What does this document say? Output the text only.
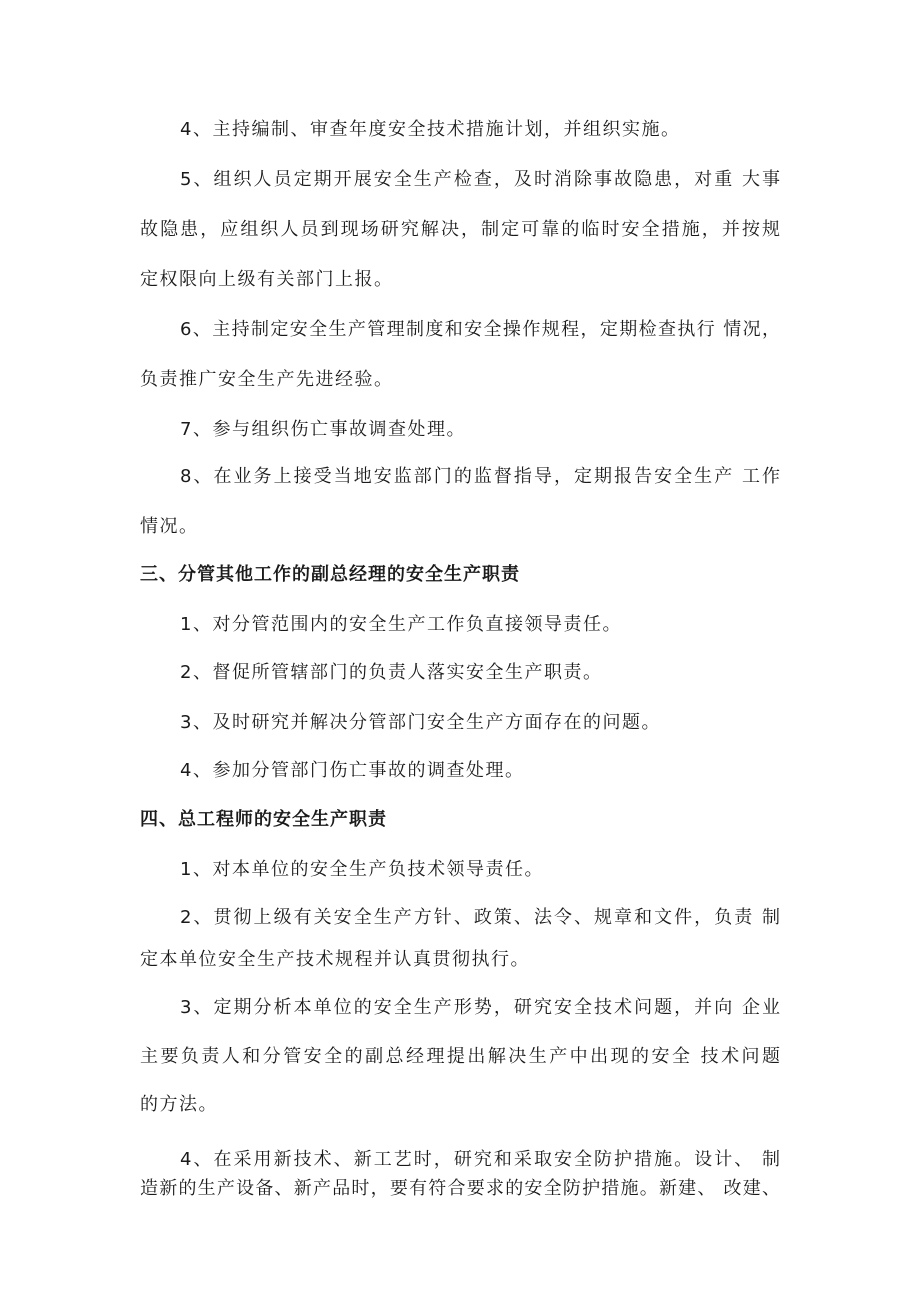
4、主持编制、审查年度安全技术措施计划，并组织实施。
5、组织人员定期开展安全生产检查，及时消除事故隐患，对重 大事
故隐患，应组织人员到现场研究解决，制定可靠的临时安全措施，并按规
定权限向上级有关部门上报。
6、主持制定安全生产管理制度和安全操作规程，定期检查执行 情况，
负责推广安全生产先进经验。
7、参与组织伤亡事故调查处理。
8、在业务上接受当地安监部门的监督指导，定期报告安全生产 工作
情况。
三、分管其他工作的副总经理的安全生产职责
1、对分管范围内的安全生产工作负直接领导责任。
2、督促所管辖部门的负责人落实安全生产职责。
3、及时研究并解决分管部门安全生产方面存在的问题。
4、参加分管部门伤亡事故的调查处理。
四、总工程师的安全生产职责
1、对本单位的安全生产负技术领导责任。
2、贯彻上级有关安全生产方针、政策、法令、规章和文件，负责 制
定本单位安全生产技术规程并认真贯彻执行。
3、定期分析本单位的安全生产形势，研究安全技术问题，并向 企业
主要负责人和分管安全的副总经理提出解决生产中出现的安全 技术问题
的方法。
4、在采用新技术、新工艺时，研究和采取安全防护措施。设计、 制
造新的生产设备、新产品时，要有符合要求的安全防护措施。新建、 改建、
